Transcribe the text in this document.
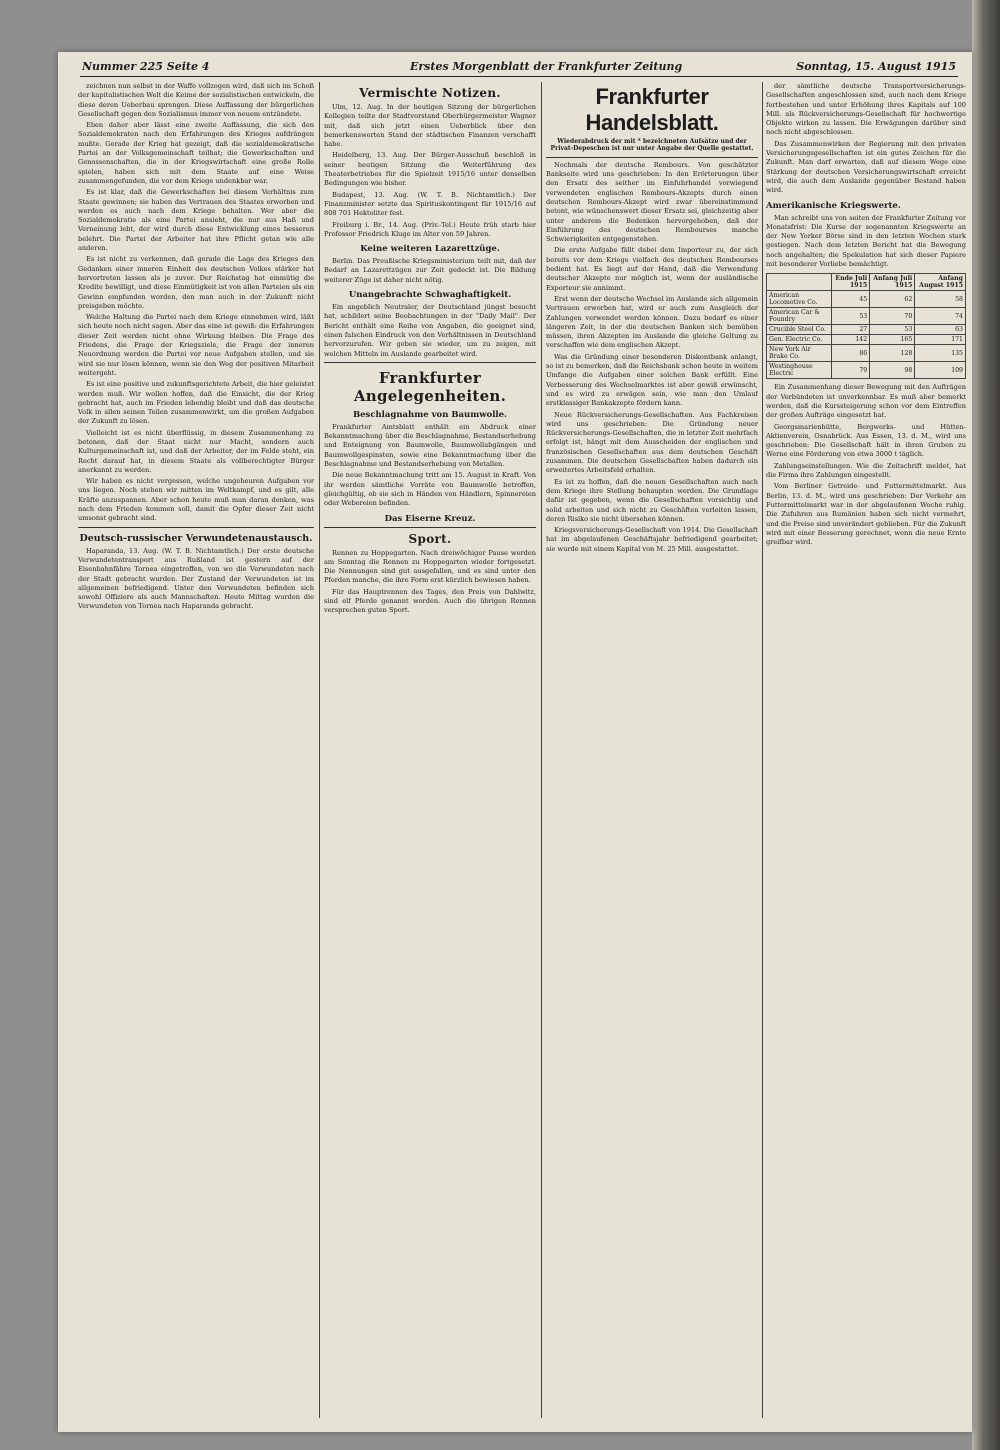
Nummer 225 Seite 4	Erstes Morgenblatt der Frankfurter Zeitung	Sonntag, 15. August 1915

zeichnen nun selbst in der Waffe vollzogen wird, daß sich im Schoß der kapitalistischen Welt die Keime der sozialistischen entwickeln, die diese deren Ueberbau sprengen. Diese Auffassung der bürgerlichen Gesellschaft gegen den Sozialismus immer von neuem entzündete.

Eben daher aber lässt eine zweite Auffassung, die sich den Sozialdemokraten nach den Erfahrungen des Krieges aufdrängen mußte. Gerade der Krieg hat gezeigt, daß die sozialdemokratische Partei an der Volksgemeinschaft teilhat; die Gewerkschaften und Genossenschaften, die in der Kriegswirtschaft eine große Rolle spielen, haben sich mit dem Staate auf eine Weise zusammengefunden, die vor dem Kriege undenkbar war.

Es ist klar, daß die Gewerkschaften bei diesem Verhältnis zum Staate gewinnen; sie haben das Vertrauen des Staates erworben und werden es auch nach dem Kriege behalten. Wer aber die Sozialdemokratie als eine Partei ansieht, die nur aus Haß und Verneinung lebt, der wird durch diese Entwicklung eines besseren belehrt. Die Partei der Arbeiter hat ihre Pflicht getan wie alle anderen.

Es ist nicht zu verkennen, daß gerade die Lage des Krieges den Gedanken einer inneren Einheit des deutschen Volkes stärker hat hervortreten lassen als je zuvor. Der Reichstag hat einmütig die Kredite bewilligt, und diese Einmütigkeit ist von allen Parteien als ein Gewinn empfunden worden, den man auch in der Zukunft nicht preisgeben möchte.

Welche Haltung die Partei nach dem Kriege einnehmen wird, läßt sich heute noch nicht sagen. Aber das eine ist gewiß: die Erfahrungen dieser Zeit werden nicht ohne Wirkung bleiben. Die Frage des Friedens, die Frage der Kriegsziele, die Frage der inneren Neuordnung werden die Partei vor neue Aufgaben stellen, und sie wird sie nur lösen können, wenn sie den Weg der positiven Mitarbeit weitergeht.

Es ist eine positive und zukunftsgerichtete Arbeit, die hier geleistet werden muß. Wir wollen hoffen, daß die Einsicht, die der Krieg gebracht hat, auch im Frieden lebendig bleibt und daß das deutsche Volk in allen seinen Teilen zusammenwirkt, um die großen Aufgaben der Zukunft zu lösen.

Vielleicht ist es nicht überflüssig, in diesem Zusammenhang zu betonen, daß der Staat nicht nur Macht, sondern auch Kulturgemeinschaft ist, und daß der Arbeiter, der im Felde steht, ein Recht darauf hat, in diesem Staate als vollberechtigter Bürger anerkannt zu werden.

Wir haben es nicht vergessen, welche ungeheuren Aufgaben vor uns liegen. Noch stehen wir mitten im Weltkampf, und es gilt, alle Kräfte anzuspannen. Aber schon heute muß man daran denken, was nach dem Frieden kommen soll, damit die Opfer dieser Zeit nicht umsonst gebracht sind.

Deutsch-russischer Verwundetenaustausch.

Haparanda, 13. Aug. (W. T. B. Nichtamtlich.) Der erste deutsche Verwundetentransport aus Rußland ist gestern auf der Eisenbahnfähre Tornea eingetroffen, von wo die Verwundeten nach der Stadt gebracht wurden. Der Zustand der Verwundeten ist im allgemeinen befriedigend. Unter den Verwundeten befinden sich sowohl Offiziere als auch Mannschaften. Heute Mittag wurden die Verwundeten von Tornea nach Haparanda gebracht.

Vermischte Notizen.

Ulm, 12. Aug. In der heutigen Sitzung der bürgerlichen Kollegien teilte der Stadtvorstand Oberbürgermeister Wagner mit, daß sich jetzt einen Ueberblick über den bemerkenswerten Stand der städtischen Finanzen verschafft habe.

Heidelberg, 13. Aug. Der Bürger-Ausschuß beschloß in seiner heutigen Sitzung die Weiterführung des Theaterbetriebes für die Spielzeit 1915/16 unter denselben Bedingungen wie bisher.

Budapest, 13. Aug. (W. T. B. Nichtamtlich.) Der Finanzminister setzte das Spirituskontingent für 1915/16 auf 808 701 Hektoliter fest.

Freiburg i. Br., 14. Aug. (Priv.-Tel.) Heute früh starb hier Professor Friedrich Kluge im Alter von 59 Jahren.

Keine weiteren Lazarettzüge.

Berlin. Das Preußische Kriegsministerium teilt mit, daß der Bedarf an Lazarettzügen zur Zeit gedeckt ist. Die Bildung weiterer Züge ist daher nicht nötig.

Unangebrachte Schwaghaftigkeit.

Ein angeblich Neutraler, der Deutschland jüngst besucht hat, schildert seine Beobachtungen in der "Daily Mail". Der Bericht enthält eine Reihe von Angaben, die geeignet sind, einen falschen Eindruck von den Verhältnissen in Deutschland hervorzurufen. Wir geben sie wieder, um zu zeigen, mit welchen Mitteln im Auslande gearbeitet wird.

Frankfurter Angelegenheiten.
Beschlagnahme von Baumwolle.

Frankfurter Amtsblatt enthält ein Abdruck einer Bekanntmachung über die Beschlagnahme, Bestandserhebung und Enteignung von Baumwolle, Baumwollabgängen und Baumwollgespinsten, sowie eine Bekanntmachung über die Beschlagnahme und Bestandserhebung von Metallen.

Die neue Bekanntmachung tritt am 15. August in Kraft. Von ihr werden sämtliche Vorräte von Baumwolle betroffen, gleichgültig, ob sie sich in Händen von Händlern, Spinnereien oder Webereien befinden.

Das Eiserne Kreuz.
Sport.

Rennen zu Hoppegarten. Nach dreiwöchiger Pause werden am Sonntag die Rennen zu Hoppegarten wieder fortgesetzt. Die Nennungen sind gut ausgefallen, und es sind unter den Pferden manche, die ihre Form erst kürzlich bewiesen haben.

Für das Hauptrennen des Tages, den Preis von Dahlwitz, sind elf Pferde genannt worden. Auch die übrigen Rennen versprechen guten Sport.

Frankfurter Handelsblatt.
Wiederabdruck der mit * bezeichneten Aufsätze und der Privat-Depeschen ist nur unter Angabe der Quelle gestattet.

Nochmals der deutsche Rembours. Von geschätzter Bankseite wird uns geschrieben: In den Erörterungen über den Ersatz des seither im Einfuhrhandel vorwiegend verwendeten englischen Rembours-Akzepts durch einen deutschen Rembours-Akzept wird zwar übereinstimmend betont, wie wünschenswert dieser Ersatz sei, gleichzeitig aber unter anderem die Bedenken hervorgehoben, daß der Einführung des deutschen Rembourses manche Schwierigkeiten entgegenstehen.

Die erste Aufgabe fällt dabei dem Importeur zu, der sich bereits vor dem Kriege vielfach des deutschen Rembourses bedient hat. Es liegt auf der Hand, daß die Verwendung deutscher Akzepte nur möglich ist, wenn der ausländische Exporteur sie annimmt.

Erst wenn der deutsche Wechsel im Auslande sich allgemein Vertrauen erworben hat, wird er auch zum Ausgleich der Zahlungen verwendet werden können. Dazu bedarf es einer längeren Zeit, in der die deutschen Banken sich bemühen müssen, ihren Akzepten im Auslande die gleiche Geltung zu verschaffen wie dem englischen Akzept.

Was die Gründung einer besonderen Diskontbank anlangt, so ist zu bemerken, daß die Reichsbank schon heute in weitem Umfange die Aufgaben einer solchen Bank erfüllt. Eine Verbesserung des Wechselmarktes ist aber gewiß erwünscht, und es wird zu erwägen sein, wie man den Umlauf erstklassiger Bankakzepte fördern kann.

Neue Rückversicherungs-Gesellschaften. Aus Fachkreisen wird uns geschrieben: Die Gründung neuer Rückversicherungs-Gesellschaften, die in letzter Zeit mehrfach erfolgt ist, hängt mit dem Ausscheiden der englischen und französischen Gesellschaften aus dem deutschen Geschäft zusammen. Die deutschen Gesellschaften haben dadurch ein erweitertes Arbeitsfeld erhalten.

Es ist zu hoffen, daß die neuen Gesellschaften auch nach dem Kriege ihre Stellung behaupten werden. Die Grundlage dafür ist gegeben, wenn die Gesellschaften vorsichtig und solid arbeiten und sich nicht zu Geschäften verleiten lassen, deren Risiko sie nicht übersehen können.

Kriegsversicherungs-Gesellschaft von 1914. Die Gesellschaft hat im abgelaufenen Geschäftsjahr befriedigend gearbeitet; sie wurde mit einem Kapital von M. 25 Mill. ausgestattet.

der sämtliche deutsche Transportversicherungs-Gesellschaften angeschlossen sind, auch nach dem Kriege fortbestehen und unter Erhöhung ihres Kapitals auf 100 Mill. als Rückversicherungs-Gesellschaft für hochwertige Objekte wirken zu lassen. Die Erwägungen darüber sind noch nicht abgeschlossen.

Das Zusammenwirken der Regierung mit den privaten Versicherungsgesellschaften ist ein gutes Zeichen für die Zukunft. Man darf erwarten, daß auf diesem Wege eine Stärkung der deutschen Versicherungswirtschaft erreicht wird, die auch dem Auslande gegenüber Bestand haben wird.

Amerikanische Kriegswerte.

Man schreibt uns von seiten der Frankfurter Zeitung vor Monatsfrist: Die Kurse der sogenannten Kriegswerte an der New Yorker Börse sind in den letzten Wochen stark gestiegen. Nach dem letzten Bericht hat die Bewegung noch angehalten; die Spekulation hat sich dieser Papiere mit besonderer Vorliebe bemächtigt.

	Ende Juli 1915	Anfang Juli 1915	Anfang August 1915
American Locomotive Co.	45	62	58
American Car & Foundry	53	70	74
Crucible Steel Co.	27	53	63
Gen. Electric Co.	142	165	171
New York Air Brake Co.	86	128	135
Westinghouse Electric	79	98	109

Ein Zusammenhang dieser Bewegung mit den Aufträgen der Verbündeten ist unverkennbar. Es muß aber bemerkt werden, daß die Kurssteigerung schon vor dem Eintreffen der großen Aufträge eingesetzt hat.

Georgsmarienhütte, Bergwerks- und Hütten-Aktienverein, Osnabrück. Aus Essen, 13. d. M., wird uns geschrieben: Die Gesellschaft hält in ihren Gruben zu Werne eine Förderung von etwa 3000 t täglich.

Zahlungseinstellungen. Wie die Zeitschrift meldet, hat die Firma ihre Zahlungen eingestellt.

Vom Berliner Getreide- und Futtermittelmarkt. Aus Berlin, 13. d. M., wird uns geschrieben: Der Verkehr am Futtermittelmarkt war in der abgelaufenen Woche ruhig. Die Zufuhren aus Rumänien haben sich nicht vermehrt, und die Preise sind unverändert geblieben. Für die Zukunft wird mit einer Besserung gerechnet, wenn die neue Ernte greifbar wird.
